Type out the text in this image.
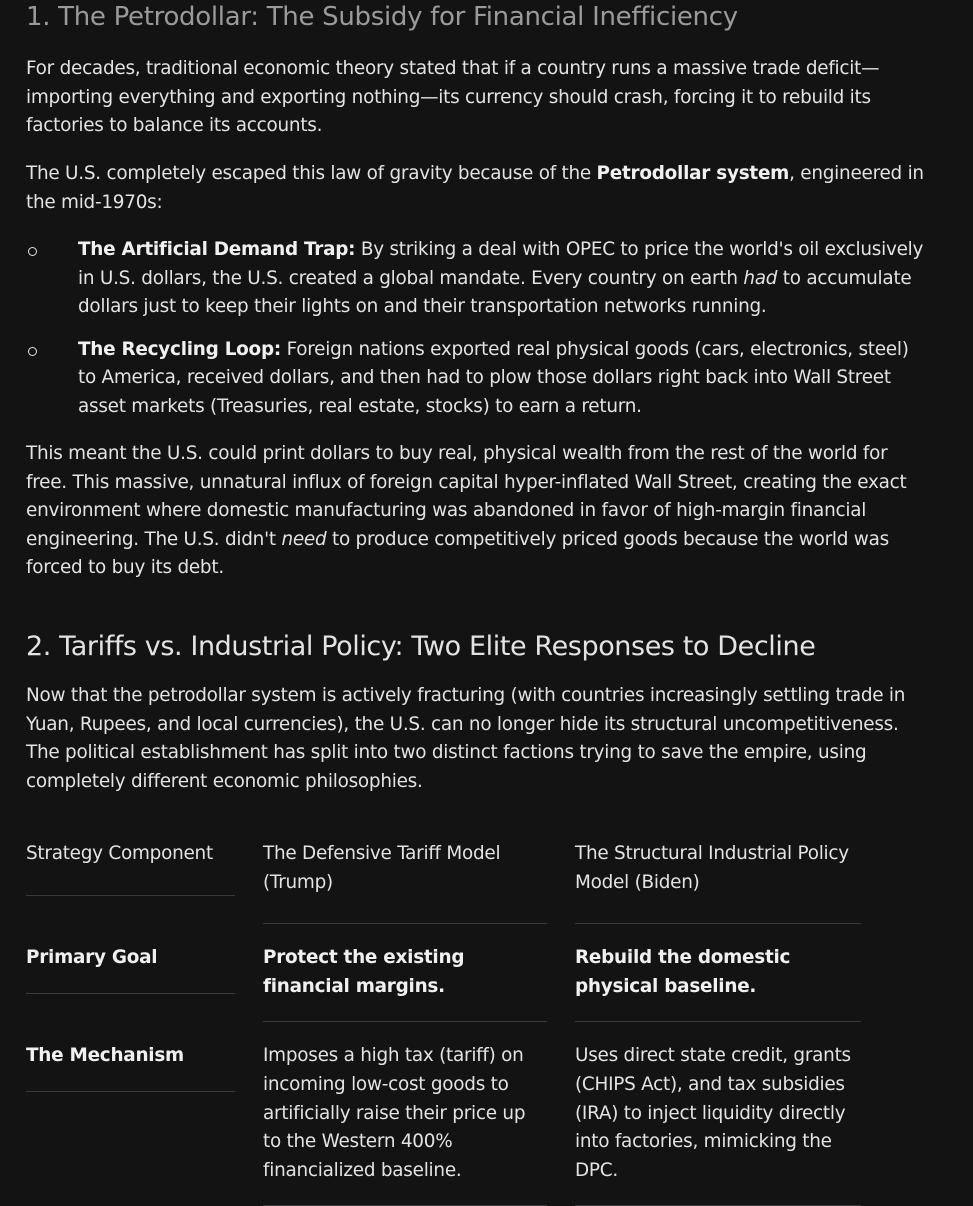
1. The Petrodollar: The Subsidy for Financial Inefficiency

For decades, traditional economic theory stated that if a country runs a massive trade deficit—importing everything and exporting nothing—its currency should crash, forcing it to rebuild its factories to balance its accounts.

The U.S. completely escaped this law of gravity because of the Petrodollar system, engineered in the mid-1970s:

The Artificial Demand Trap: By striking a deal with OPEC to price the world's oil exclusively in U.S. dollars, the U.S. created a global mandate. Every country on earth had to accumulate dollars just to keep their lights on and their transportation networks running.
The Recycling Loop: Foreign nations exported real physical goods (cars, electronics, steel) to America, received dollars, and then had to plow those dollars right back into Wall Street asset markets (Treasuries, real estate, stocks) to earn a return.

This meant the U.S. could print dollars to buy real, physical wealth from the rest of the world for free. This massive, unnatural influx of foreign capital hyper-inflated Wall Street, creating the exact environment where domestic manufacturing was abandoned in favor of high-margin financial engineering. The U.S. didn't need to produce competitively priced goods because the world was forced to buy its debt.

2. Tariffs vs. Industrial Policy: Two Elite Responses to Decline

Now that the petrodollar system is actively fracturing (with countries increasingly settling trade in Yuan, Rupees, and local currencies), the U.S. can no longer hide its structural uncompetitiveness. The political establishment has split into two distinct factions trying to save the empire, using completely different economic philosophies.

Strategy Component	The Defensive Tariff Model (Trump)	The Structural Industrial Policy Model (Biden)

Primary Goal	Protect the existing financial margins.	Rebuild the domestic physical baseline.

The Mechanism	Imposes a high tax (tariff) on incoming low-cost goods to artificially raise their price up to the Western 400% financialized baseline.	Uses direct state credit, grants (CHIPS Act), and tax subsidies (IRA) to inject liquidity directly into factories, mimicking the DPC.
